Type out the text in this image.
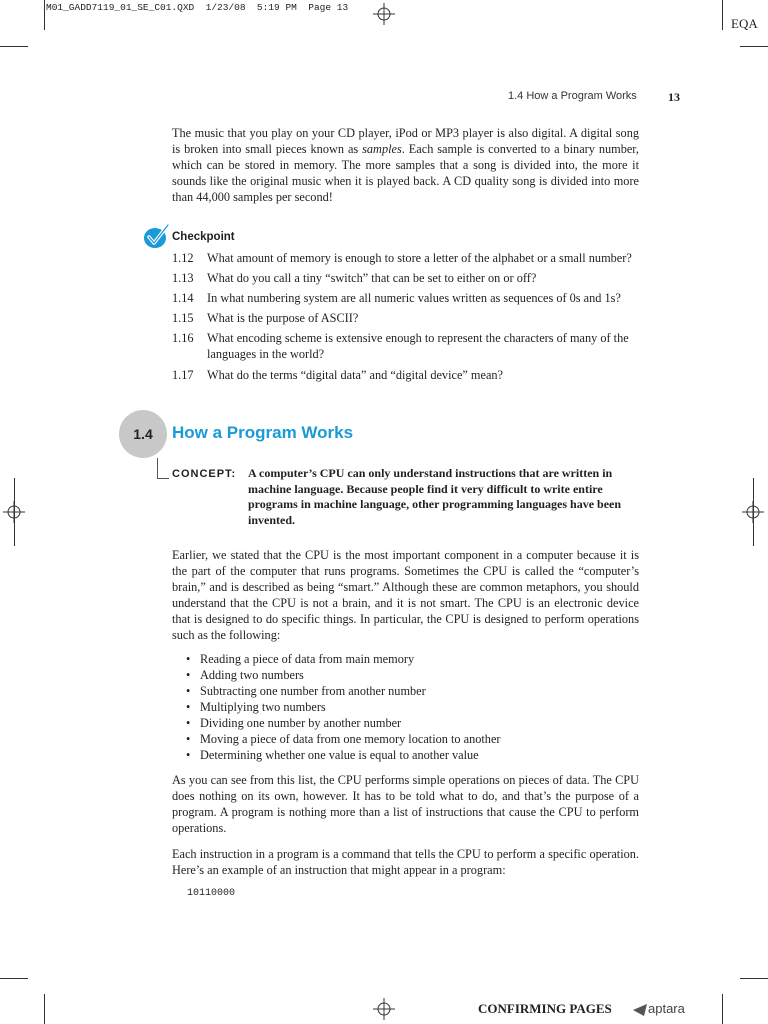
M01_GADD7119_01_SE_C01.QXD  1/23/08  5:19 PM  Page 13
EQA
1.4 How a Program Works	13
The music that you play on your CD player, iPod or MP3 player is also digital. A digital song is broken into small pieces known as samples. Each sample is converted to a binary number, which can be stored in memory. The more samples that a song is divided into, the more it sounds like the original music when it is played back. A CD quality song is divided into more than 44,000 samples per second!
Checkpoint
1.12	What amount of memory is enough to store a letter of the alphabet or a small number?
1.13	What do you call a tiny “switch” that can be set to either on or off?
1.14	In what numbering system are all numeric values written as sequences of 0s and 1s?
1.15	What is the purpose of ASCII?
1.16	What encoding scheme is extensive enough to represent the characters of many of the languages in the world?
1.17	What do the terms “digital data” and “digital device” mean?
1.4	How a Program Works
CONCEPT: A computer’s CPU can only understand instructions that are written in machine language. Because people find it very difficult to write entire programs in machine language, other programming languages have been invented.
Earlier, we stated that the CPU is the most important component in a computer because it is the part of the computer that runs programs. Sometimes the CPU is called the “computer’s brain,” and is described as being “smart.” Although these are common metaphors, you should understand that the CPU is not a brain, and it is not smart. The CPU is an electronic device that is designed to do specific things. In particular, the CPU is designed to perform operations such as the following:
• Reading a piece of data from main memory
• Adding two numbers
• Subtracting one number from another number
• Multiplying two numbers
• Dividing one number by another number
• Moving a piece of data from one memory location to another
• Determining whether one value is equal to another value
As you can see from this list, the CPU performs simple operations on pieces of data. The CPU does nothing on its own, however. It has to be told what to do, and that’s the purpose of a program. A program is nothing more than a list of instructions that cause the CPU to perform operations.
Each instruction in a program is a command that tells the CPU to perform a specific operation. Here’s an example of an instruction that might appear in a program:
10110000
CONFIRMING PAGES	aptara
